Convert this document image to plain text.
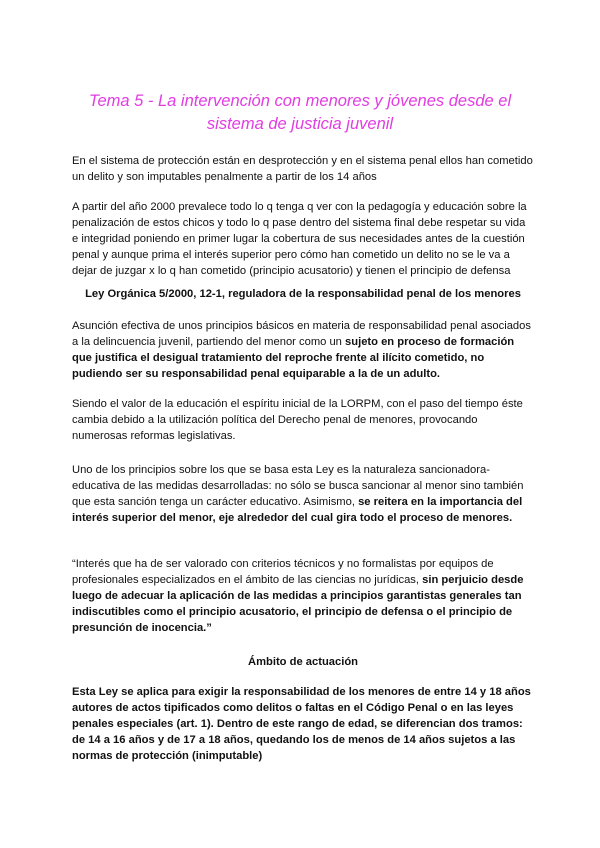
Tema 5 - La intervención con menores y jóvenes desde el
sistema de justicia juvenil

En el sistema de protección están en desprotección y en el sistema penal ellos han cometido un delito y son imputables penalmente a partir de los 14 años

A partir del año 2000 prevalece todo lo q tenga q ver con la pedagogía y educación sobre la penalización de estos chicos y todo lo q pase dentro del sistema final debe respetar su vida e integridad poniendo en primer lugar la cobertura de sus necesidades antes de la cuestión penal y aunque prima el interés superior pero cómo han cometido un delito no se le va a dejar de juzgar x lo q han cometido (principio acusatorio) y tienen el principio de defensa

Ley Orgánica 5/2000, 12-1, reguladora de la responsabilidad penal de los menores

Asunción efectiva de unos principios básicos en materia de responsabilidad penal asociados a la delincuencia juvenil, partiendo del menor como un sujeto en proceso de formación que justifica el desigual tratamiento del reproche frente al ilícito cometido, no pudiendo ser su responsabilidad penal equiparable a la de un adulto.

Siendo el valor de la educación el espíritu inicial de la LORPM, con el paso del tiempo éste cambia debido a la utilización política del Derecho penal de menores, provocando numerosas reformas legislativas.

Uno de los principios sobre los que se basa esta Ley es la naturaleza sancionadora-educativa de las medidas desarrolladas: no sólo se busca sancionar al menor sino también que esta sanción tenga un carácter educativo. Asimismo, se reitera en la importancia del interés superior del menor, eje alrededor del cual gira todo el proceso de menores.

“Interés que ha de ser valorado con criterios técnicos y no formalistas por equipos de profesionales especializados en el ámbito de las ciencias no jurídicas, sin perjuicio desde luego de adecuar la aplicación de las medidas a principios garantistas generales tan indiscutibles como el principio acusatorio, el principio de defensa o el principio de presunción de inocencia.”

Ámbito de actuación

Esta Ley se aplica para exigir la responsabilidad de los menores de entre 14 y 18 años autores de actos tipificados como delitos o faltas en el Código Penal o en las leyes penales especiales (art. 1). Dentro de este rango de edad, se diferencian dos tramos: de 14 a 16 años y de 17 a 18 años, quedando los de menos de 14 años sujetos a las normas de protección (inimputable)
